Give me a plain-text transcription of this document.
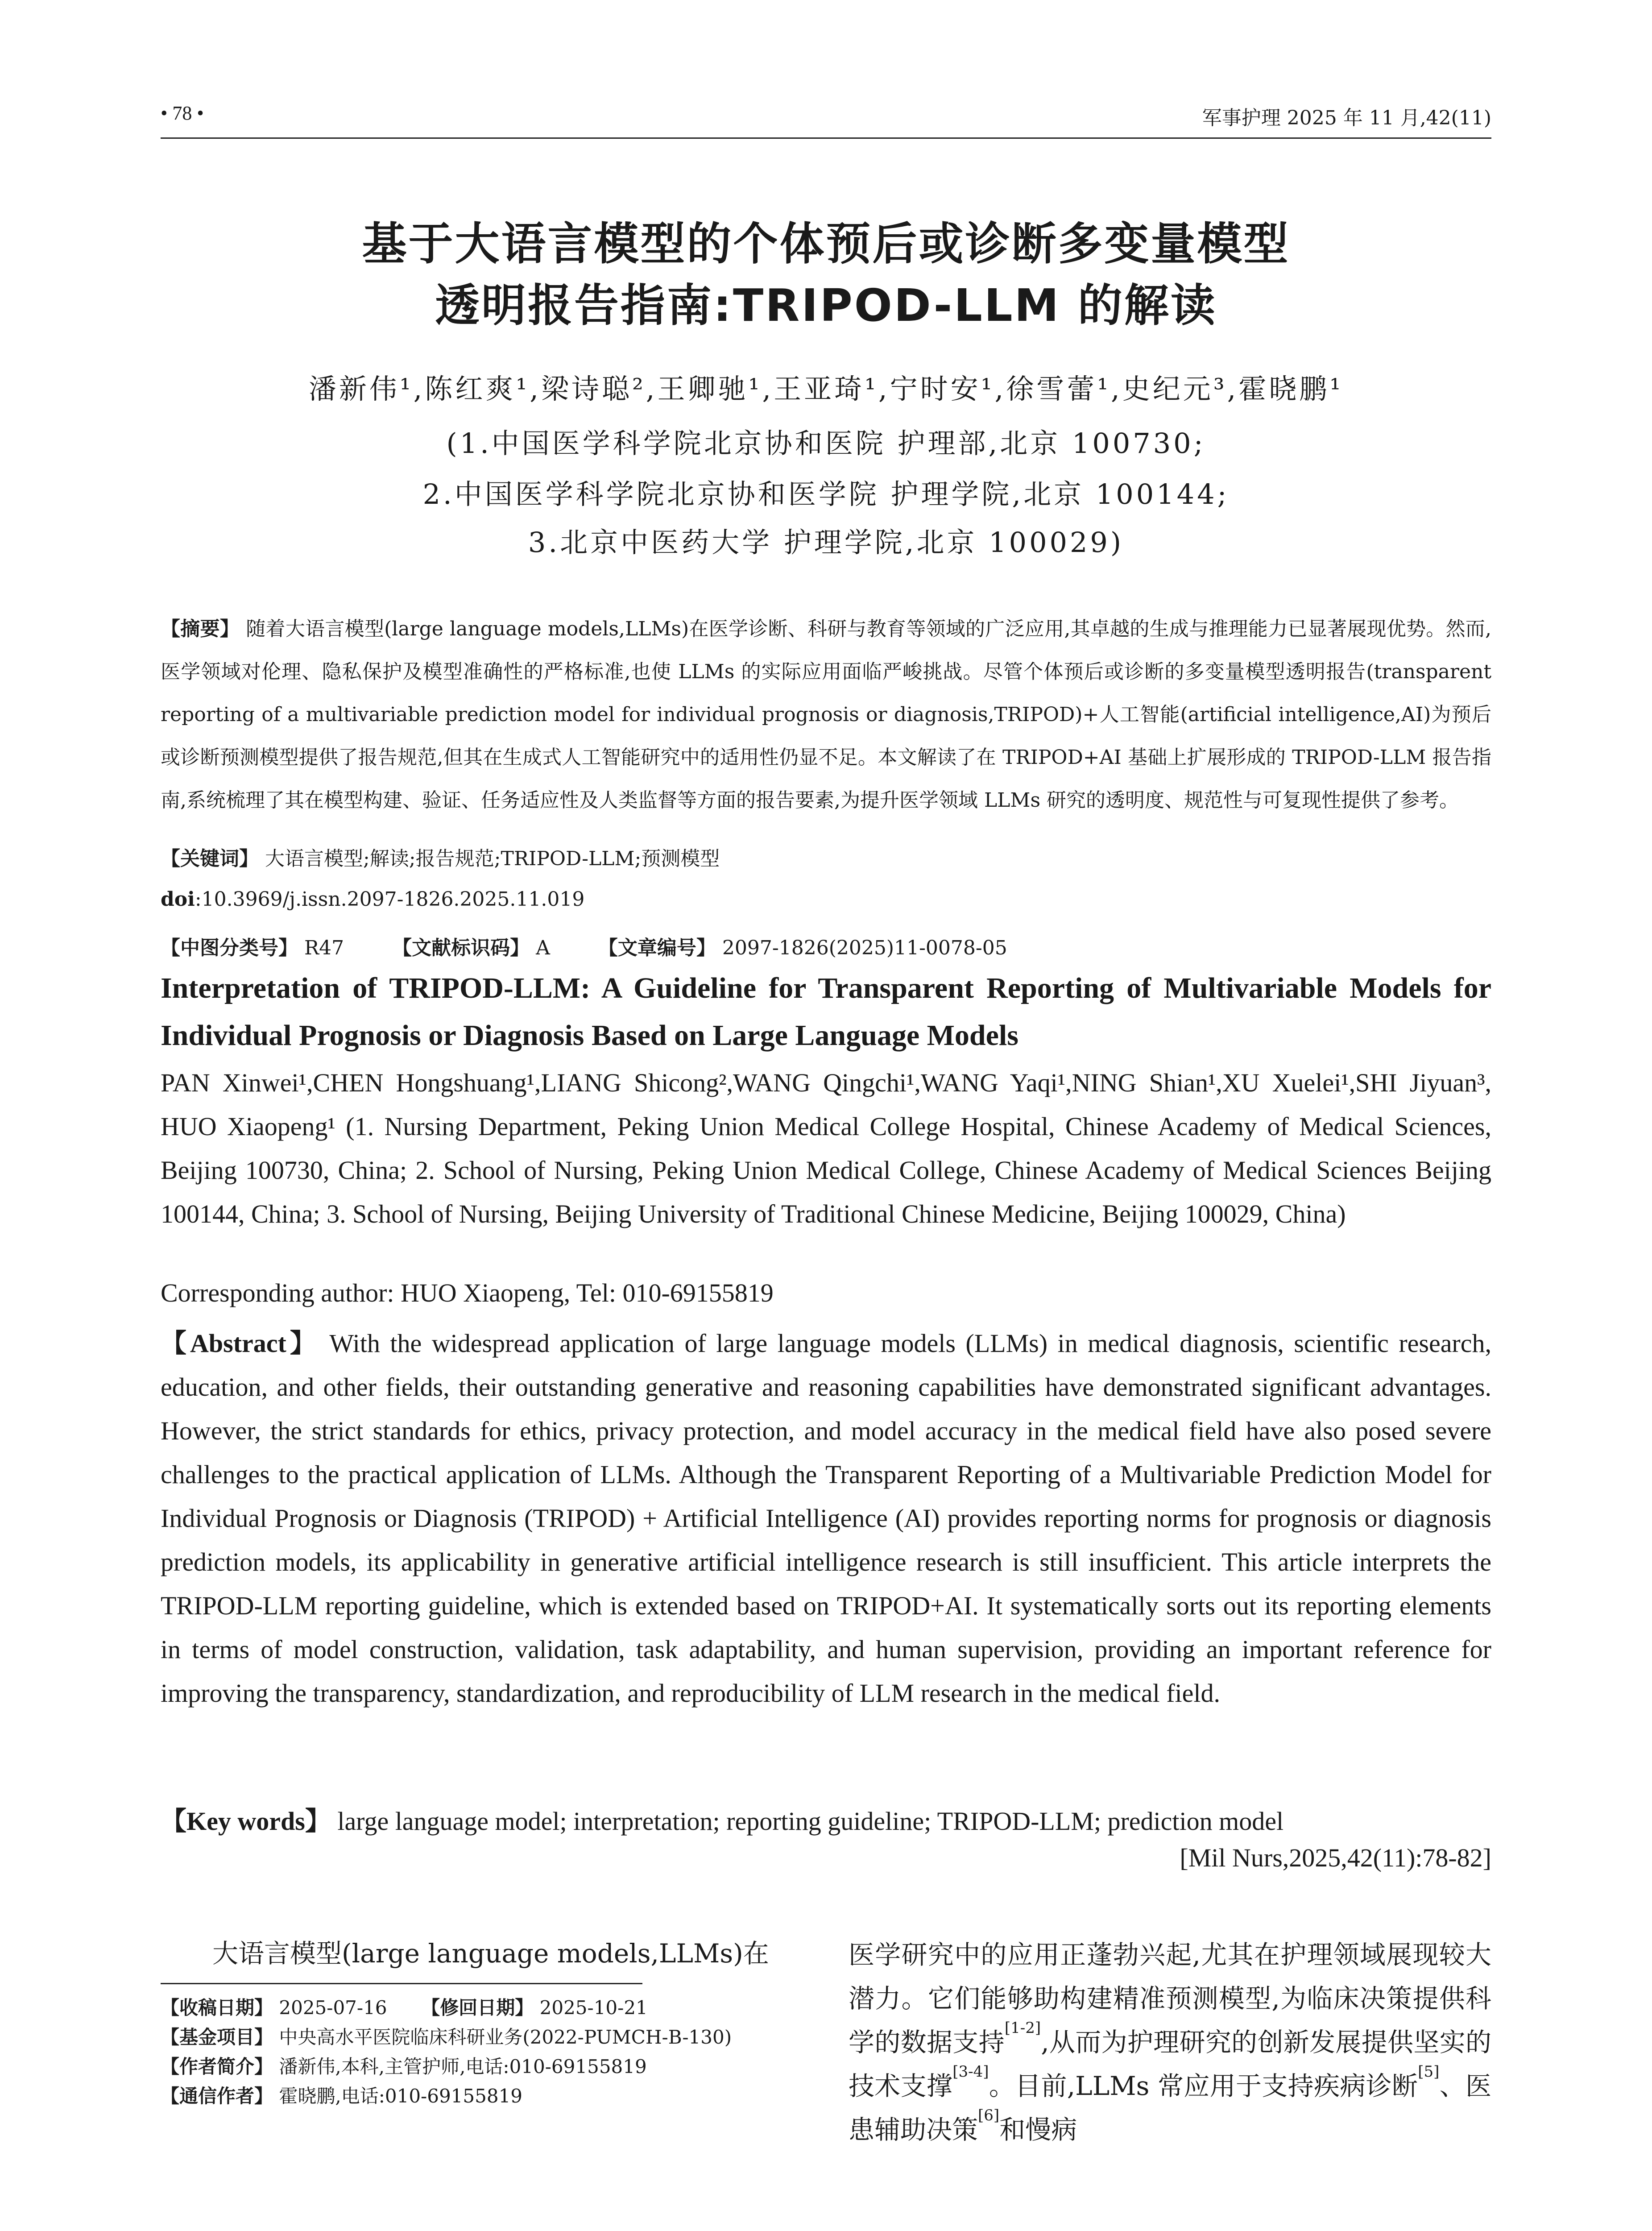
• 78 •	军事护理 2025 年 11 月,42(11)
基于大语言模型的个体预后或诊断多变量模型
透明报告指南:TRIPOD-LLM 的解读
潘新伟¹,陈红爽¹,梁诗聪²,王卿驰¹,王亚琦¹,宁时安¹,徐雪蕾¹,史纪元³,霍晓鹏¹
(1.中国医学科学院北京协和医院 护理部,北京 100730;
2.中国医学科学院北京协和医学院 护理学院,北京 100144;
3.北京中医药大学 护理学院,北京 100029)
【摘要】 随着大语言模型(large language models,LLMs)在医学诊断、科研与教育等领域的广泛应用,其卓越的生成与推理能力已显著展现优势。然而,医学领域对伦理、隐私保护及模型准确性的严格标准,也使 LLMs 的实际应用面临严峻挑战。尽管个体预后或诊断的多变量模型透明报告(transparent reporting of a multivariable prediction model for individual prognosis or diagnosis,TRIPOD)+人工智能(artificial intelligence,AI)为预后或诊断预测模型提供了报告规范,但其在生成式人工智能研究中的适用性仍显不足。本文解读了在 TRIPOD+AI 基础上扩展形成的 TRIPOD-LLM 报告指南,系统梳理了其在模型构建、验证、任务适应性及人类监督等方面的报告要素,为提升医学领域 LLMs 研究的透明度、规范性与可复现性提供了参考。
【关键词】 大语言模型;解读;报告规范;TRIPOD-LLM;预测模型
doi:10.3969/j.issn.2097-1826.2025.11.019
【中图分类号】 R47 【文献标识码】 A 【文章编号】 2097-1826(2025)11-0078-05
Interpretation of TRIPOD-LLM: A Guideline for Transparent Reporting of Multivariable Models for Individual Prognosis or Diagnosis Based on Large Language Models
PAN Xinwei¹,CHEN Hongshuang¹,LIANG Shicong²,WANG Qingchi¹,WANG Yaqi¹,NING Shian¹,XU Xuelei¹,SHI Jiyuan³, HUO Xiaopeng¹ (1. Nursing Department, Peking Union Medical College Hospital, Chinese Academy of Medical Sciences, Beijing 100730, China; 2. School of Nursing, Peking Union Medical College, Chinese Academy of Medical Sciences Beijing 100144, China; 3. School of Nursing, Beijing University of Traditional Chinese Medicine, Beijing 100029, China)
Corresponding author: HUO Xiaopeng, Tel: 010-69155819
【Abstract】 With the widespread application of large language models (LLMs) in medical diagnosis, scientific research, education, and other fields, their outstanding generative and reasoning capabilities have demonstrated significant advantages. However, the strict standards for ethics, privacy protection, and model accuracy in the medical field have also posed severe challenges to the practical application of LLMs. Although the Transparent Reporting of a Multivariable Prediction Model for Individual Prognosis or Diagnosis (TRIPOD) + Artificial Intelligence (AI) provides reporting norms for prognosis or diagnosis prediction models, its applicability in generative artificial intelligence research is still insufficient. This article interprets the TRIPOD-LLM reporting guideline, which is extended based on TRIPOD+AI. It systematically sorts out its reporting elements in terms of model construction, validation, task adaptability, and human supervision, providing an important reference for improving the transparency, standardization, and reproducibility of LLM research in the medical field.
【Key words】 large language model; interpretation; reporting guideline; TRIPOD-LLM; prediction model
[Mil Nurs,2025,42(11):78-82]
大语言模型(large language models,LLMs)在
【收稿日期】 2025-07-16 【修回日期】 2025-10-21
【基金项目】 中央高水平医院临床科研业务(2022-PUMCH-B-130)
【作者简介】 潘新伟,本科,主管护师,电话:010-69155819
【通信作者】 霍晓鹏,电话:010-69155819
医学研究中的应用正蓬勃兴起,尤其在护理领域展现较大潜力。它们能够助构建精准预测模型,为临床决策提供科学的数据支持[1-2],从而为护理研究的创新发展提供坚实的技术支撑[3-4]。目前,LLMs 常应用于支持疾病诊断[5]、医患辅助决策[6]和慢病
